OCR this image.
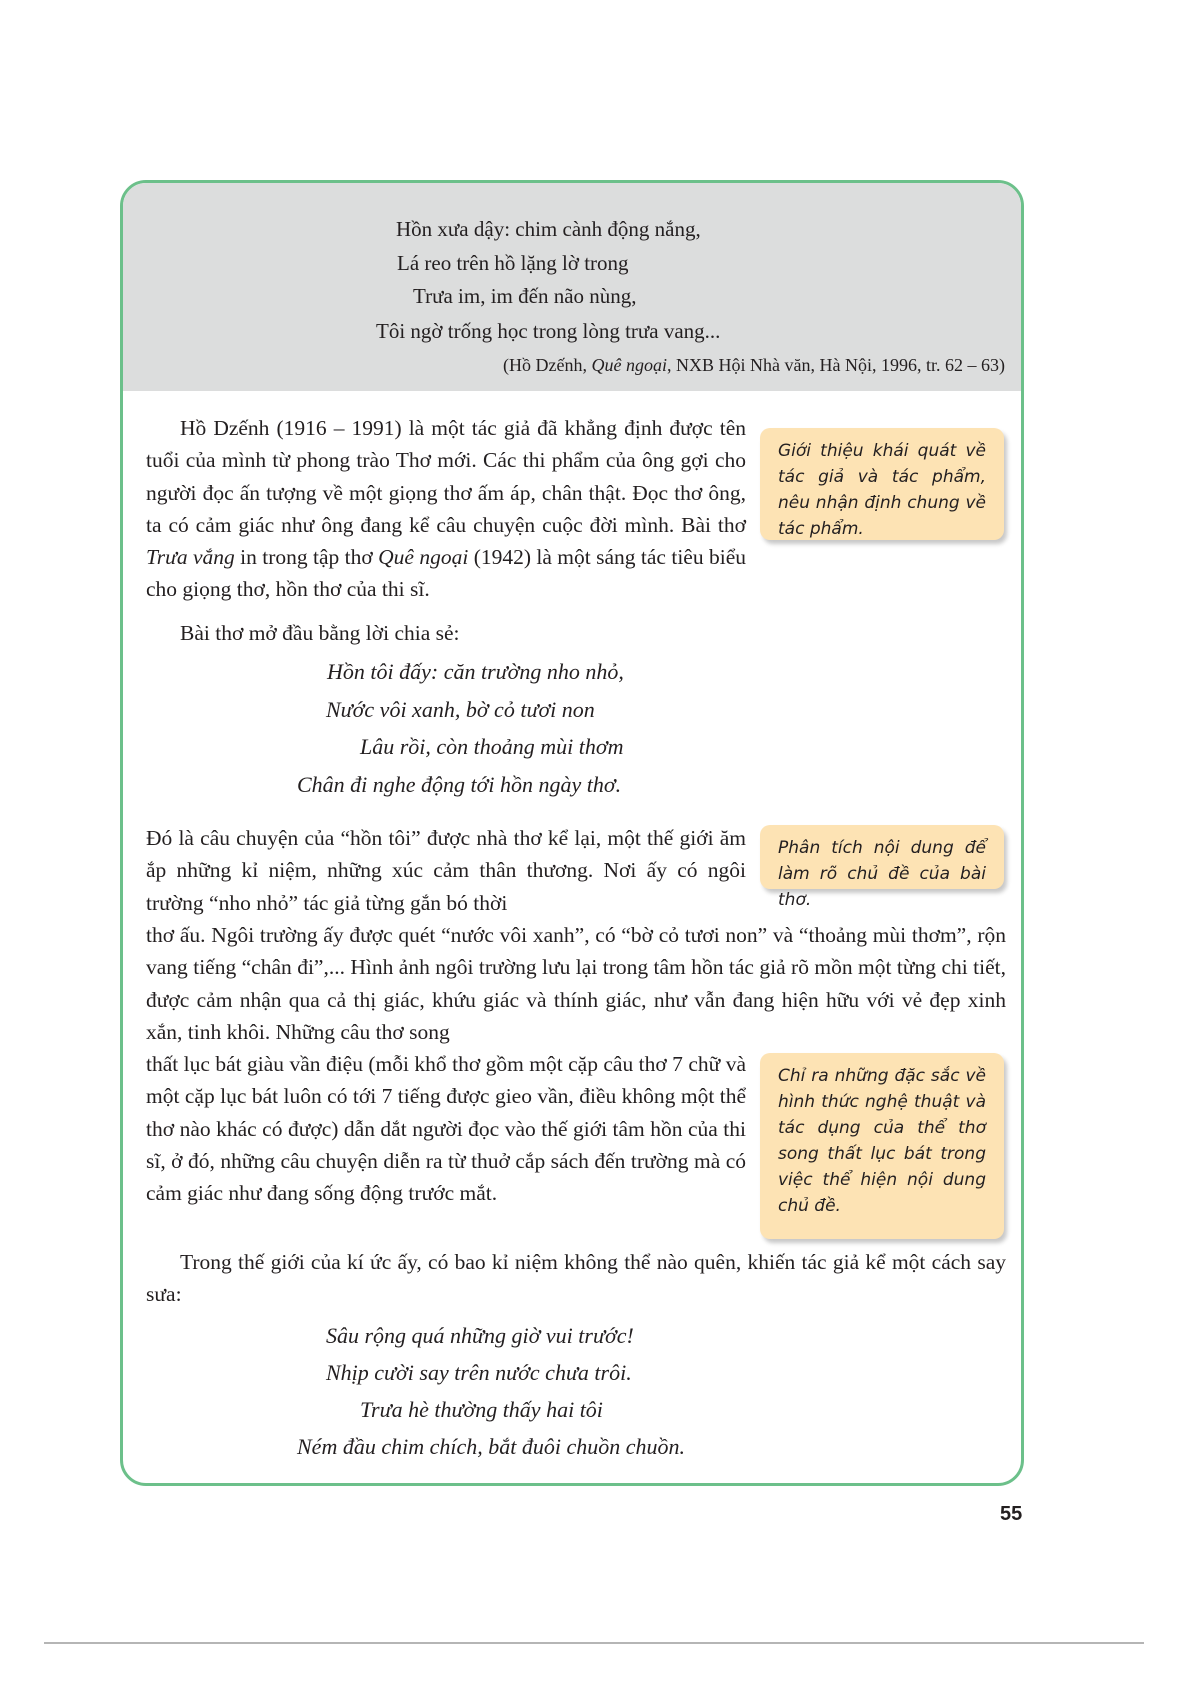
Hồn xưa dậy: chim cành động nắng,
Lá reo trên hồ lặng lờ trong
Trưa im, im đến não nùng,
Tôi ngờ trống học trong lòng trưa vang...
(Hồ Dzếnh, Quê ngoại, NXB Hội Nhà văn, Hà Nội, 1996, tr. 62 – 63)

Hồ Dzếnh (1916 – 1991) là một tác giả đã khẳng định được tên tuổi của mình từ phong trào Thơ mới. Các thi phẩm của ông gợi cho người đọc ấn tượng về một giọng thơ ấm áp, chân thật. Đọc thơ ông, ta có cảm giác như ông đang kể câu chuyện cuộc đời mình. Bài thơ Trưa vắng in trong tập thơ Quê ngoại (1942) là một sáng tác tiêu biểu cho giọng thơ, hồn thơ của thi sĩ.

Bài thơ mở đầu bằng lời chia sẻ:

Hồn tôi đấy: căn trường nho nhỏ,
Nước vôi xanh, bờ cỏ tươi non
Lâu rồi, còn thoảng mùi thơm
Chân đi nghe động tới hồn ngày thơ.

Đó là câu chuyện của “hồn tôi” được nhà thơ kể lại, một thế giới ăm ắp những kỉ niệm, những xúc cảm thân thương. Nơi ấy có ngôi trường “nho nhỏ” tác giả từng gắn bó thời

thơ ấu. Ngôi trường ấy được quét “nước vôi xanh”, có “bờ cỏ tươi non” và “thoảng mùi thơm”, rộn vang tiếng “chân đi”,... Hình ảnh ngôi trường lưu lại trong tâm hồn tác giả rõ mồn một từng chi tiết, được cảm nhận qua cả thị giác, khứu giác và thính giác, như vẫn đang hiện hữu với vẻ đẹp xinh xắn, tinh khôi. Những câu thơ song

thất lục bát giàu vần điệu (mỗi khổ thơ gồm một cặp câu thơ 7 chữ và một cặp lục bát luôn có tới 7 tiếng được gieo vần, điều không một thể thơ nào khác có được) dẫn dắt người đọc vào thế giới tâm hồn của thi sĩ, ở đó, những câu chuyện diễn ra từ thuở cắp sách đến trường mà có cảm giác như đang sống động trước mắt.

Trong thế giới của kí ức ấy, có bao kỉ niệm không thể nào quên, khiến tác giả kể một cách say sưa:

Sâu rộng quá những giờ vui trước!
Nhịp cười say trên nước chưa trôi.
Trưa hè thường thấy hai tôi
Ném đầu chim chích, bắt đuôi chuồn chuồn.
Giới thiệu khái quát về tác giả và tác phẩm, nêu nhận định chung về tác phẩm.
Phân tích nội dung để làm rõ chủ đề của bài thơ.
Chỉ ra những đặc sắc về hình thức nghệ thuật và tác dụng của thể thơ song thất lục bát trong việc thể hiện nội dung chủ đề.
55
